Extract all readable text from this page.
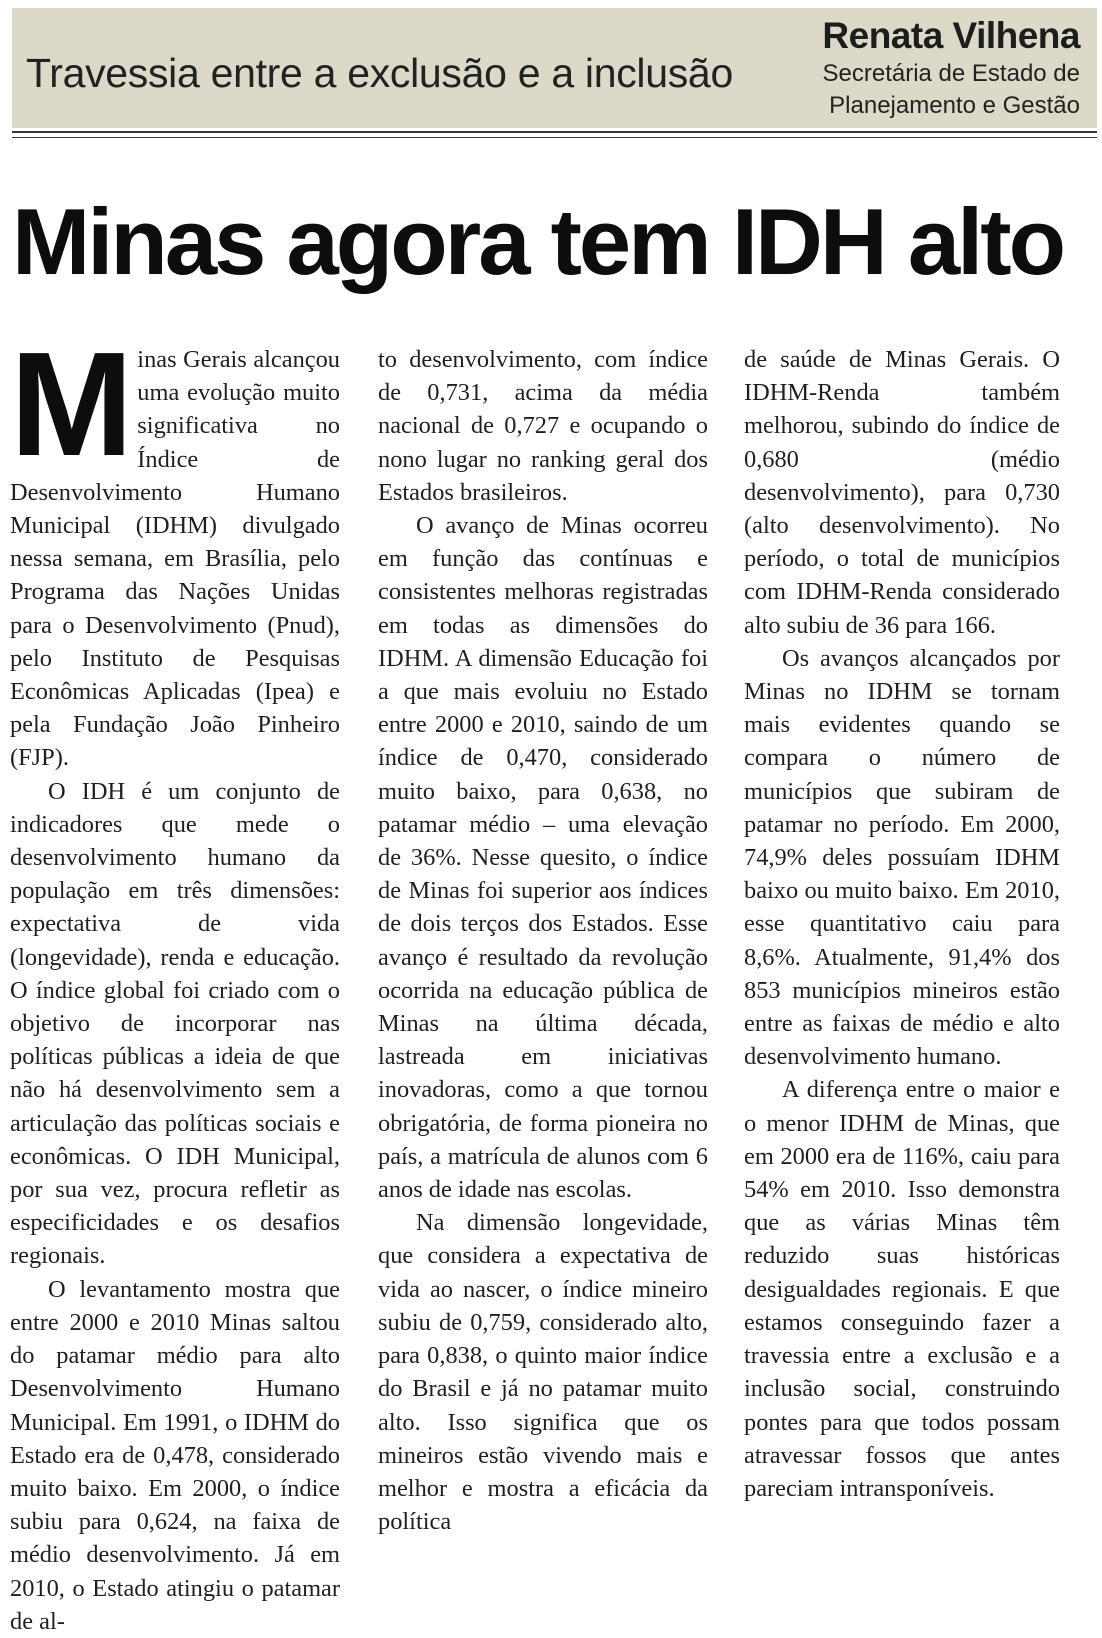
Travessia entre a exclusão e a inclusão
Renata Vilhena
Secretária de Estado de
Planejamento e Gestão
Minas agora tem IDH alto
M inas Gerais alcançou uma evolução muito significativa no Índice de Desenvolvimento Humano Municipal (IDHM) divulgado nessa semana, em Brasília, pelo Programa das Nações Unidas para o Desenvolvimento (Pnud), pelo Instituto de Pesquisas Econômicas Aplicadas (Ipea) e pela Fundação João Pinheiro (FJP).

O IDH é um conjunto de indicadores que mede o desenvolvimento humano da população em três dimensões: expectativa de vida (longevidade), renda e educação. O índice global foi criado com o objetivo de incorporar nas políticas públicas a ideia de que não há desenvolvimento sem a articulação das políticas sociais e econômicas. O IDH Municipal, por sua vez, procura refletir as especificidades e os desafios regionais.

O levantamento mostra que entre 2000 e 2010 Minas saltou do patamar médio para alto Desenvolvimento Humano Municipal. Em 1991, o IDHM do Estado era de 0,478, considerado muito baixo. Em 2000, o índice subiu para 0,624, na faixa de médio desenvolvimento. Já em 2010, o Estado atingiu o patamar de al-

to desenvolvimento, com índice de 0,731, acima da média nacional de 0,727 e ocupando o nono lugar no ranking geral dos Estados brasileiros.

O avanço de Minas ocorreu em função das contínuas e consistentes melhoras registradas em todas as dimensões do IDHM. A dimensão Educação foi a que mais evoluiu no Estado entre 2000 e 2010, saindo de um índice de 0,470, considerado muito baixo, para 0,638, no patamar médio – uma elevação de 36%. Nesse quesito, o índice de Minas foi superior aos índices de dois terços dos Estados. Esse avanço é resultado da revolução ocorrida na educação pública de Minas na última década, lastreada em iniciativas inovadoras, como a que tornou obrigatória, de forma pioneira no país, a matrícula de alunos com 6 anos de idade nas escolas.

Na dimensão longevidade, que considera a expectativa de vida ao nascer, o índice mineiro subiu de 0,759, considerado alto, para 0,838, o quinto maior índice do Brasil e já no patamar muito alto. Isso significa que os mineiros estão vivendo mais e melhor e mostra a eficácia da política

de saúde de Minas Gerais. O IDHM-Renda também melhorou, subindo do índice de 0,680 (médio desenvolvimento), para 0,730 (alto desenvolvimento). No período, o total de municípios com IDHM-Renda considerado alto subiu de 36 para 166.

Os avanços alcançados por Minas no IDHM se tornam mais evidentes quando se compara o número de municípios que subiram de patamar no período. Em 2000, 74,9% deles possuíam IDHM baixo ou muito baixo. Em 2010, esse quantitativo caiu para 8,6%. Atualmente, 91,4% dos 853 municípios mineiros estão entre as faixas de médio e alto desenvolvimento humano.

A diferença entre o maior e o menor IDHM de Minas, que em 2000 era de 116%, caiu para 54% em 2010. Isso demonstra que as várias Minas têm reduzido suas históricas desigualdades regionais. E que estamos conseguindo fazer a travessia entre a exclusão e a inclusão social, construindo pontes para que todos possam atravessar fossos que antes pareciam intransponíveis.
